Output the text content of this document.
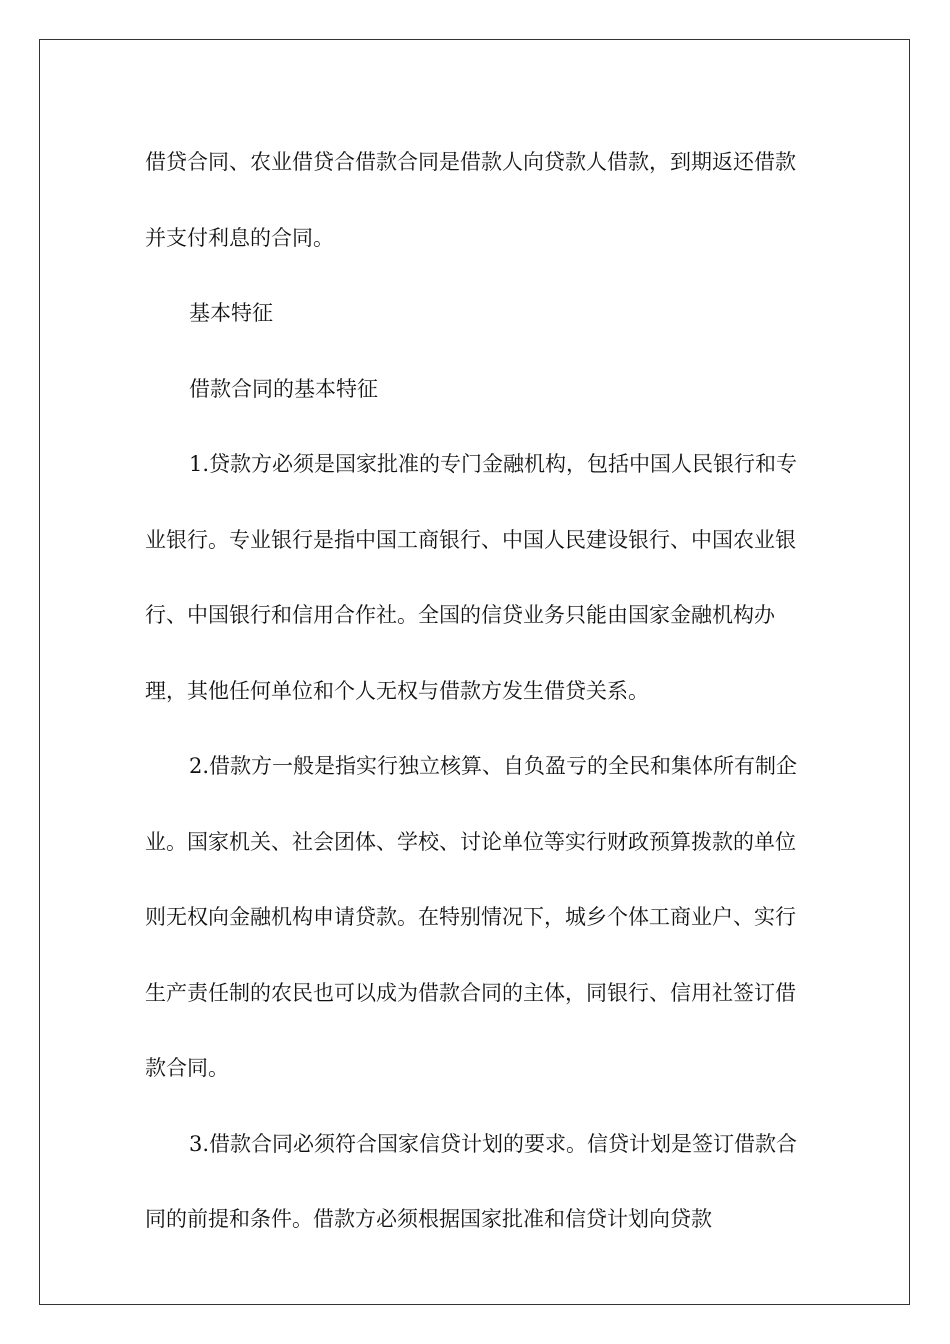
借贷合同、农业借贷合借款合同是借款人向贷款人借款，到期返还借款并支付利息的合同。

基本特征

借款合同的基本特征

1.贷款方必须是国家批准的专门金融机构，包括中国人民银行和专业银行。专业银行是指中国工商银行、中国人民建设银行、中国农业银行、中国银行和信用合作社。全国的信贷业务只能由国家金融机构办理，其他任何单位和个人无权与借款方发生借贷关系。

2.借款方一般是指实行独立核算、自负盈亏的全民和集体所有制企业。国家机关、社会团体、学校、讨论单位等实行财政预算拨款的单位则无权向金融机构申请贷款。在特别情况下，城乡个体工商业户、实行生产责任制的农民也可以成为借款合同的主体，同银行、信用社签订借款合同。

3.借款合同必须符合国家信贷计划的要求。信贷计划是签订借款合同的前提和条件。借款方必须根据国家批准和信贷计划向贷款
